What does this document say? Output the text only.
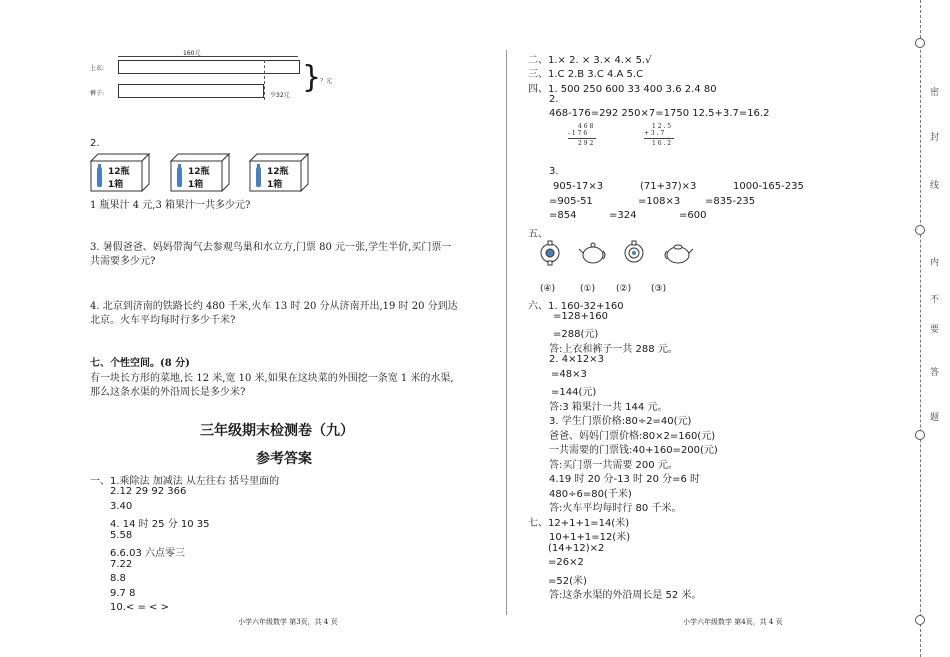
160元
上衣:
裤子:	少32元
}
？元
2.
12瓶
1箱
12瓶
1箱
12瓶
1箱
1 瓶果汁 4 元,3 箱果汁一共多少元?
3. 暑假爸爸、妈妈带淘气去参观鸟巢和水立方,门票 80 元一张,学生半价,买门票一
共需要多少元?
4. 北京到济南的铁路长约 480 千米,火车 13 时 20 分从济南开出,19 时 20 分到达
北京。火车平均每时行多少千米?
七、个性空间。(8 分)
有一块长方形的菜地,长 12 米,宽 10 米,如果在这块菜的外围挖一条宽 1 米的水渠,
那么这条水渠的外沿周长是多少米?
三年级期末检测卷（九）
参考答案
一、1.乘除法 加减法 从左往右 括号里面的
2.12 29 92 366
3.40
4. 14 时 25 分 10 35
5.58
6.6.03 六点零三
7.22
8.8
9.7 8
10.< = < >
小学六年级数学 第3页，共 4 页
二、1.× 2. × 3.× 4.× 5.√
三、1.C 2.B 3.C 4.A 5.C
四、1. 500 250 600 33 400 3.6 2.4 80
2.
468-176=292 250×7=1750 12.5+3.7=16.2
4 6 8
- 1 7 6
2 9 2
1 2 . 5
+ 3 . 7
1 6 . 2
3.
905-17×3	(71+37)×3	1000-165-235
=905-51	=108×3 =835-235
=854	=324	=600
五、
(④)	(①) (②) (③)
六、1. 160-32+160
=128+160
=288(元)
答:上衣和裤子一共 288 元。
2. 4×12×3
=48×3
=144(元)
答:3 箱果汁一共 144 元。
3. 学生门票价格:80÷2=40(元)
爸爸、妈妈门票价格:80×2=160(元)
一共需要的门票钱:40+160=200(元)
答:买门票一共需要 200 元。
4.19 时 20 分-13 时 20 分=6 时
480÷6=80(千米)
答:火车平均每时行 80 千米。
七、12+1+1=14(米)
10+1+1=12(米)
(14+12)×2
=26×2
=52(米)
答:这条水渠的外沿周长是 52 米。
小学六年级数学 第4页，共 4 页
密
封
线
内
不
要
答
题
